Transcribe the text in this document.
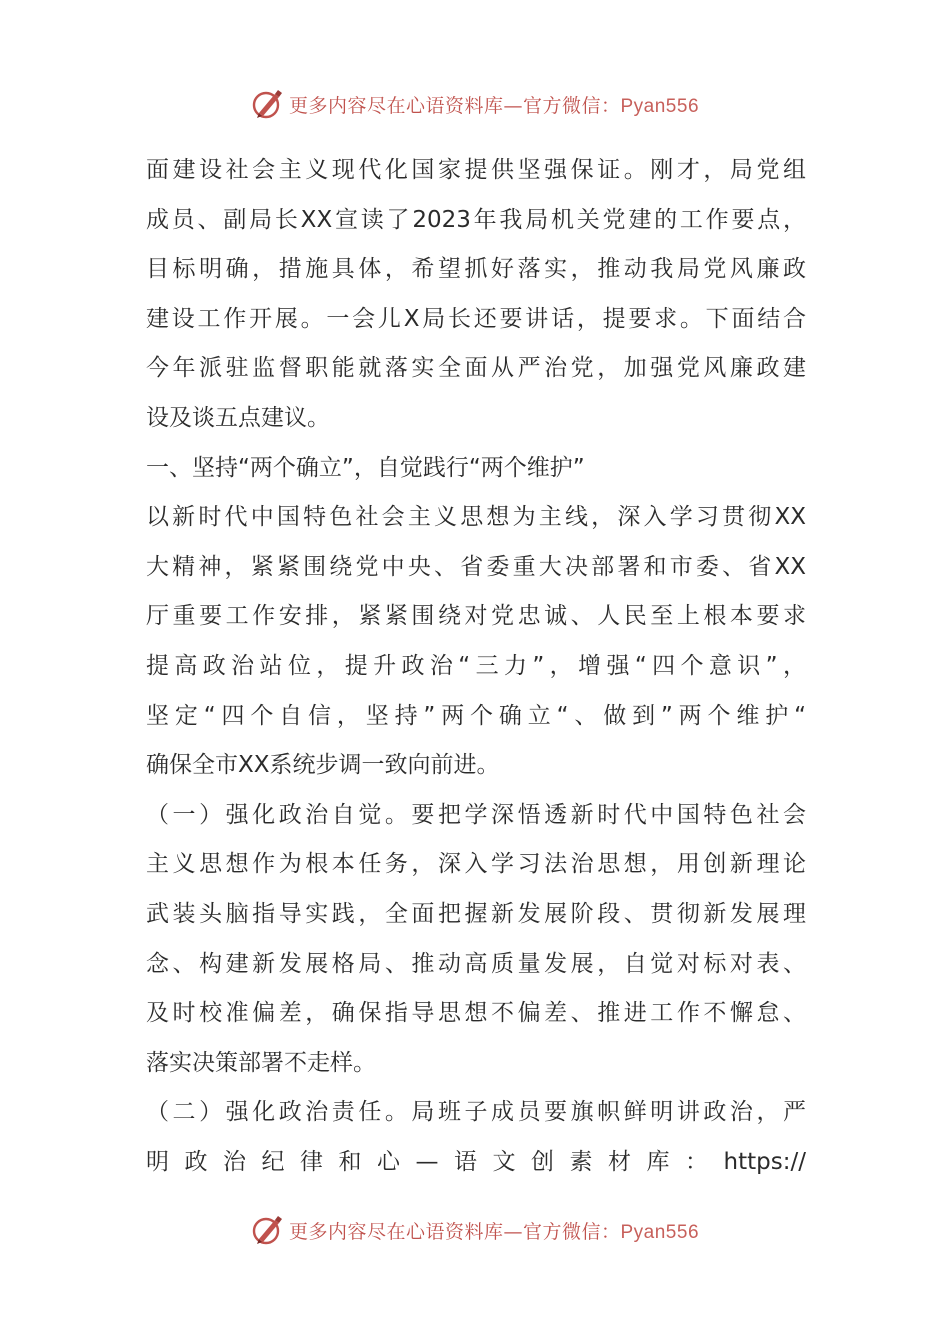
更多内容尽在心语资料库—官方微信：Pyan556
面建设社会主义现代化国家提供坚强保证。刚才，局党组
成员、副局长XX宣读了2023年我局机关党建的工作要点，
目标明确，措施具体，希望抓好落实，推动我局党风廉政
建设工作开展。一会儿X局长还要讲话，提要求。下面结合
今年派驻监督职能就落实全面从严治党，加强党风廉政建
设及谈五点建议。
一、坚持“两个确立”，自觉践行“两个维护”
以新时代中国特色社会主义思想为主线，深入学习贯彻XX
大精神，紧紧围绕党中央、省委重大决部署和市委、省XX
厅重要工作安排，紧紧围绕对党忠诚、人民至上根本要求
提高政治站位，提升政治“三力”，增强“四个意识”，
坚定“四个自信，坚持”两个确立“、做到”两个维护“
确保全市XX系统步调一致向前进。
（一）强化政治自觉。要把学深悟透新时代中国特色社会
主义思想作为根本任务，深入学习法治思想，用创新理论
武装头脑指导实践，全面把握新发展阶段、贯彻新发展理
念、构建新发展格局、推动高质量发展，自觉对标对表、
及时校准偏差，确保指导思想不偏差、推进工作不懈怠、
落实决策部署不走样。
（二）强化政治责任。局班子成员要旗帜鲜明讲政治，严
明政治纪律和心—语文创素材库：https://
更多内容尽在心语资料库—官方微信：Pyan556
